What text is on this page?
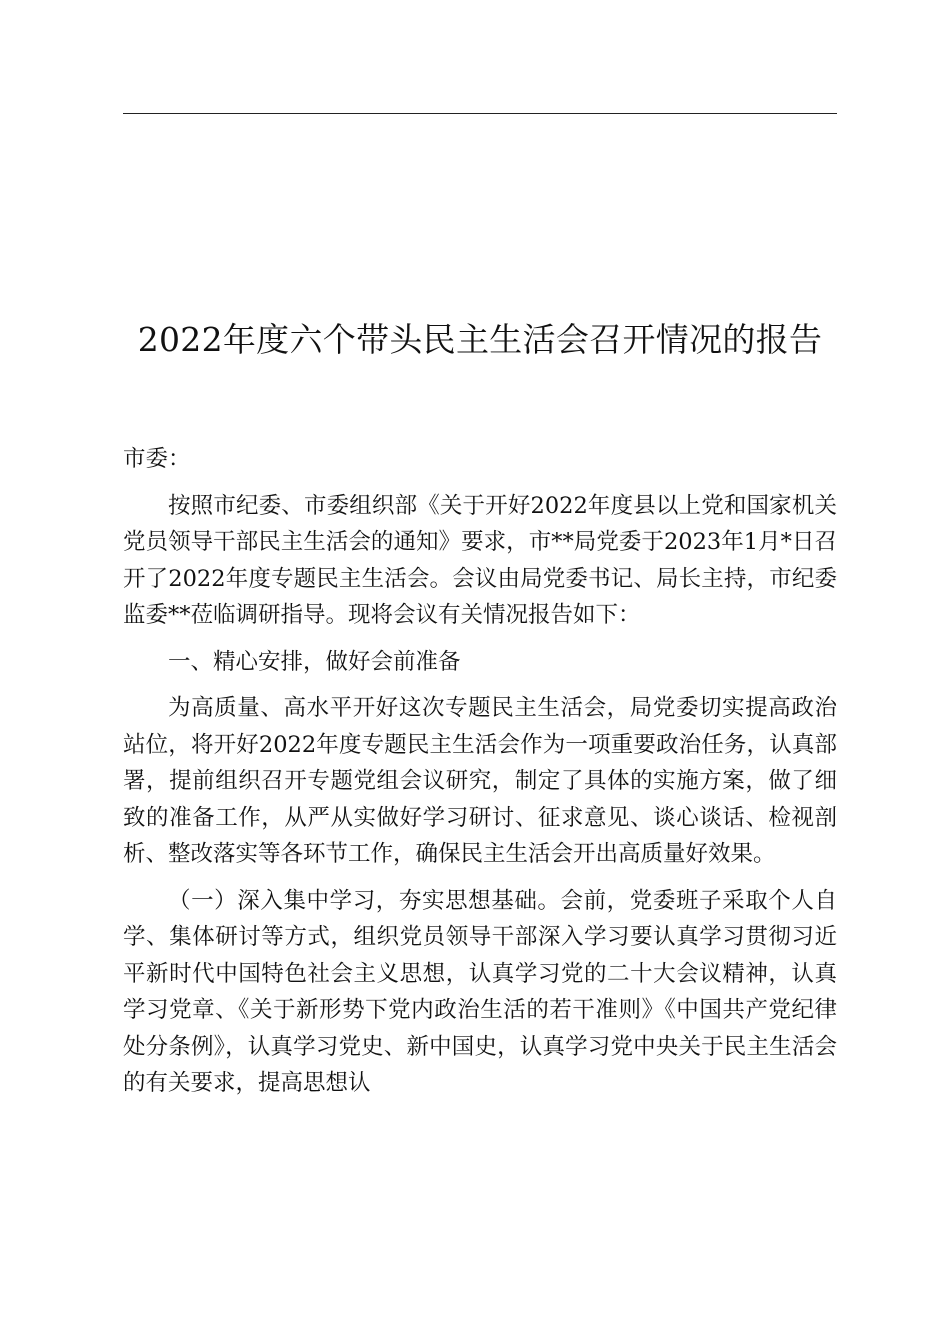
2022年度六个带头民主生活会召开情况的报告

市委：

按照市纪委、市委组织部《关于开好2022年度县以上党和国家机关党员领导干部民主生活会的通知》要求，市**局党委于2023年1月*日召开了2022年度专题民主生活会。会议由局党委书记、局长主持，市纪委监委**莅临调研指导。现将会议有关情况报告如下：

一、精心安排，做好会前准备

为高质量、高水平开好这次专题民主生活会，局党委切实提高政治站位，将开好2022年度专题民主生活会作为一项重要政治任务，认真部署，提前组织召开专题党组会议研究，制定了具体的实施方案，做了细致的准备工作，从严从实做好学习研讨、征求意见、谈心谈话、检视剖析、整改落实等各环节工作，确保民主生活会开出高质量好效果。

（一）深入集中学习，夯实思想基础。会前，党委班子采取个人自学、集体研讨等方式，组织党员领导干部深入学习要认真学习贯彻习近平新时代中国特色社会主义思想，认真学习党的二十大会议精神，认真学习党章、《关于新形势下党内政治生活的若干准则》《中国共产党纪律处分条例》，认真学习党史、新中国史，认真学习党中央关于民主生活会的有关要求，提高思想认
